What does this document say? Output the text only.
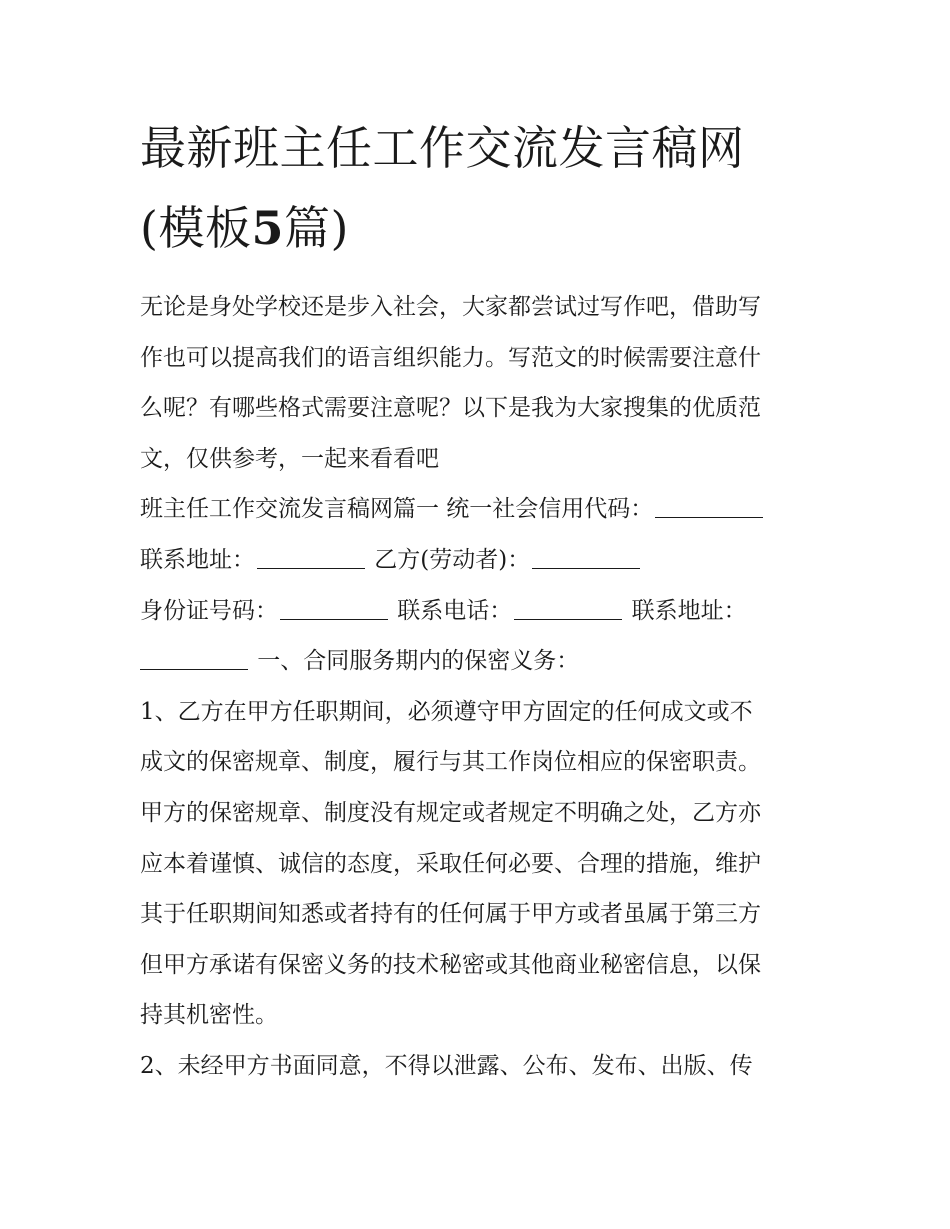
最新班主任工作交流发言稿网
(模板5篇)
无论是身处学校还是步入社会，大家都尝试过写作吧，借助写
作也可以提高我们的语言组织能力。写范文的时候需要注意什
么呢？有哪些格式需要注意呢？以下是我为大家搜集的优质范
文，仅供参考，一起来看看吧
班主任工作交流发言稿网篇一 统一社会信用代码：
联系地址：	乙方(劳动者)：
身份证号码：	联系电话：	联系地址：
一、合同服务期内的保密义务：
1、乙方在甲方任职期间，必须遵守甲方固定的任何成文或不
成文的保密规章、制度，履行与其工作岗位相应的保密职责。
甲方的保密规章、制度没有规定或者规定不明确之处，乙方亦
应本着谨慎、诚信的态度，采取任何必要、合理的措施，维护
其于任职期间知悉或者持有的任何属于甲方或者虽属于第三方
但甲方承诺有保密义务的技术秘密或其他商业秘密信息，以保
持其机密性。
2、未经甲方书面同意，不得以泄露、公布、发布、出版、传
